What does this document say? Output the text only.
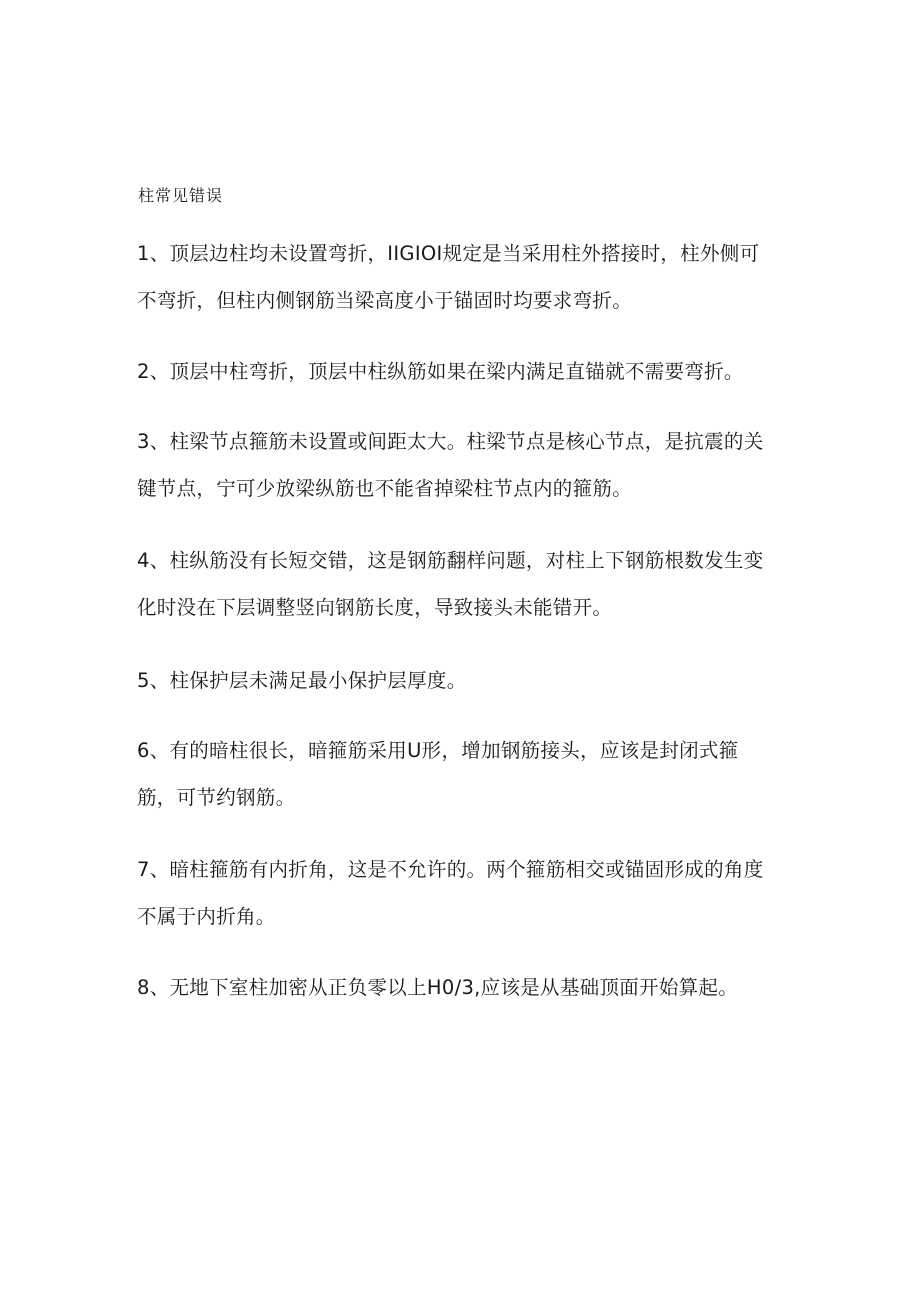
柱常见错误

1、顶层边柱均未设置弯折，IIGIOI规定是当采用柱外搭接时，柱外侧可
不弯折，但柱内侧钢筋当梁高度小于锚固时均要求弯折。

2、顶层中柱弯折，顶层中柱纵筋如果在梁内满足直锚就不需要弯折。

3、柱梁节点箍筋未设置或间距太大。柱梁节点是核心节点，是抗震的关
键节点，宁可少放梁纵筋也不能省掉梁柱节点内的箍筋。

4、柱纵筋没有长短交错，这是钢筋翻样问题，对柱上下钢筋根数发生变
化时没在下层调整竖向钢筋长度，导致接头未能错开。

5、柱保护层未满足最小保护层厚度。

6、有的暗柱很长，暗箍筋采用U形，增加钢筋接头，应该是封闭式箍
筋，可节约钢筋。

7、暗柱箍筋有内折角，这是不允许的。两个箍筋相交或锚固形成的角度
不属于内折角。

8、无地下室柱加密从正负零以上H0/3,应该是从基础顶面开始算起。
